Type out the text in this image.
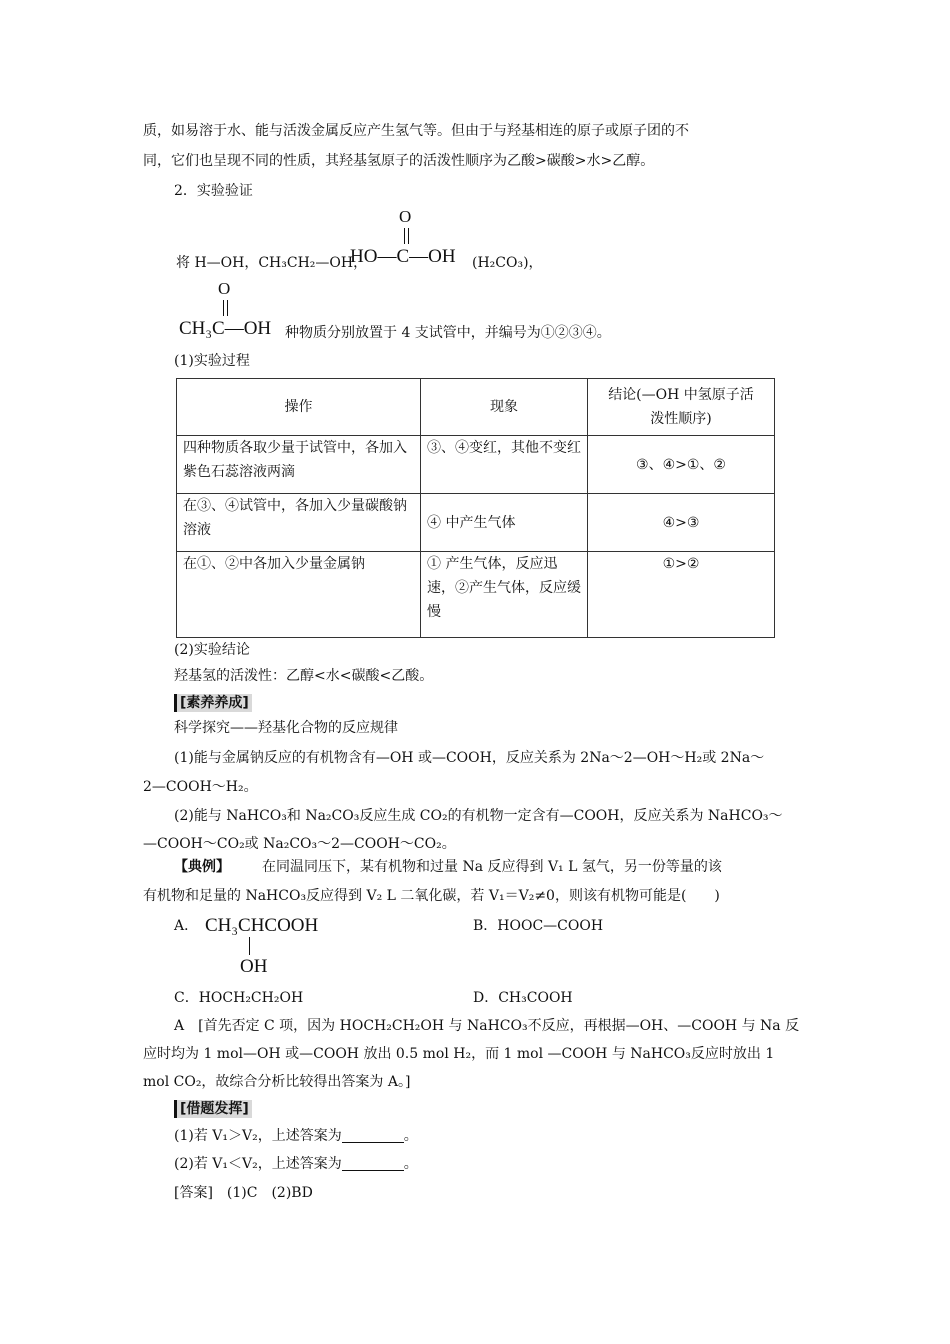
质，如易溶于水、能与活泼金属反应产生氢气等。但由于与羟基相连的原子或原子团的不
同，它们也呈现不同的性质，其羟基氢原子的活泼性顺序为乙酸>碳酸>水>乙醇。
2．实验验证
O
将 H—OH，CH₃CH₂—OH，
HO—C—OH (H₂CO₃)，
O
CH₃C—OH 种物质分别放置于 4 支试管中，并编号为①②③④。
(1)实验过程
操作	现象	结论(—OH 中氢原子活泼性顺序)
四种物质各取少量于试管中，各加入紫色石蕊溶液两滴	③、④变红，其他不变红	③、④>①、②
在③、④试管中，各加入少量碳酸钠溶液	④ 中产生气体	④>③
在①、②中各加入少量金属钠	① 产生气体，反应迅速，②产生气体，反应缓慢	①>②
(2)实验结论
羟基氢的活泼性：乙醇<水<碳酸<乙酸。
[素养养成]
科学探究——羟基化合物的反应规律
(1)能与金属钠反应的有机物含有—OH 或—COOH，反应关系为 2Na～2—OH～H₂或 2Na～
2—COOH～H₂。
(2)能与 NaHCO₃和 Na₂CO₃反应生成 CO₂的有机物一定含有—COOH，反应关系为 NaHCO₃～
—COOH～CO₂或 Na₂CO₃～2—COOH～CO₂。
【典例】 在同温同压下，某有机物和过量 Na 反应得到 V₁ L 氢气，另一份等量的该
有机物和足量的 NaHCO₃反应得到 V₂ L 二氧化碳，若 V₁＝V₂≠0，则该有机物可能是(　　)
A． CH₃CHCOOH
OH
B．HOOC—COOH
C．HOCH₂CH₂OH	D．CH₃COOH
A　[首先否定 C 项，因为 HOCH₂CH₂OH 与 NaHCO₃不反应，再根据—OH、—COOH 与 Na 反
应时均为 1 mol—OH 或—COOH 放出 0.5 mol H₂，而 1 mol —COOH 与 NaHCO₃反应时放出 1
mol CO₂，故综合分析比较得出答案为 A。]
[借题发挥]
(1)若 V₁＞V₂，上述答案为	。
(2)若 V₁＜V₂，上述答案为	。
[答案]　(1)C　(2)BD
